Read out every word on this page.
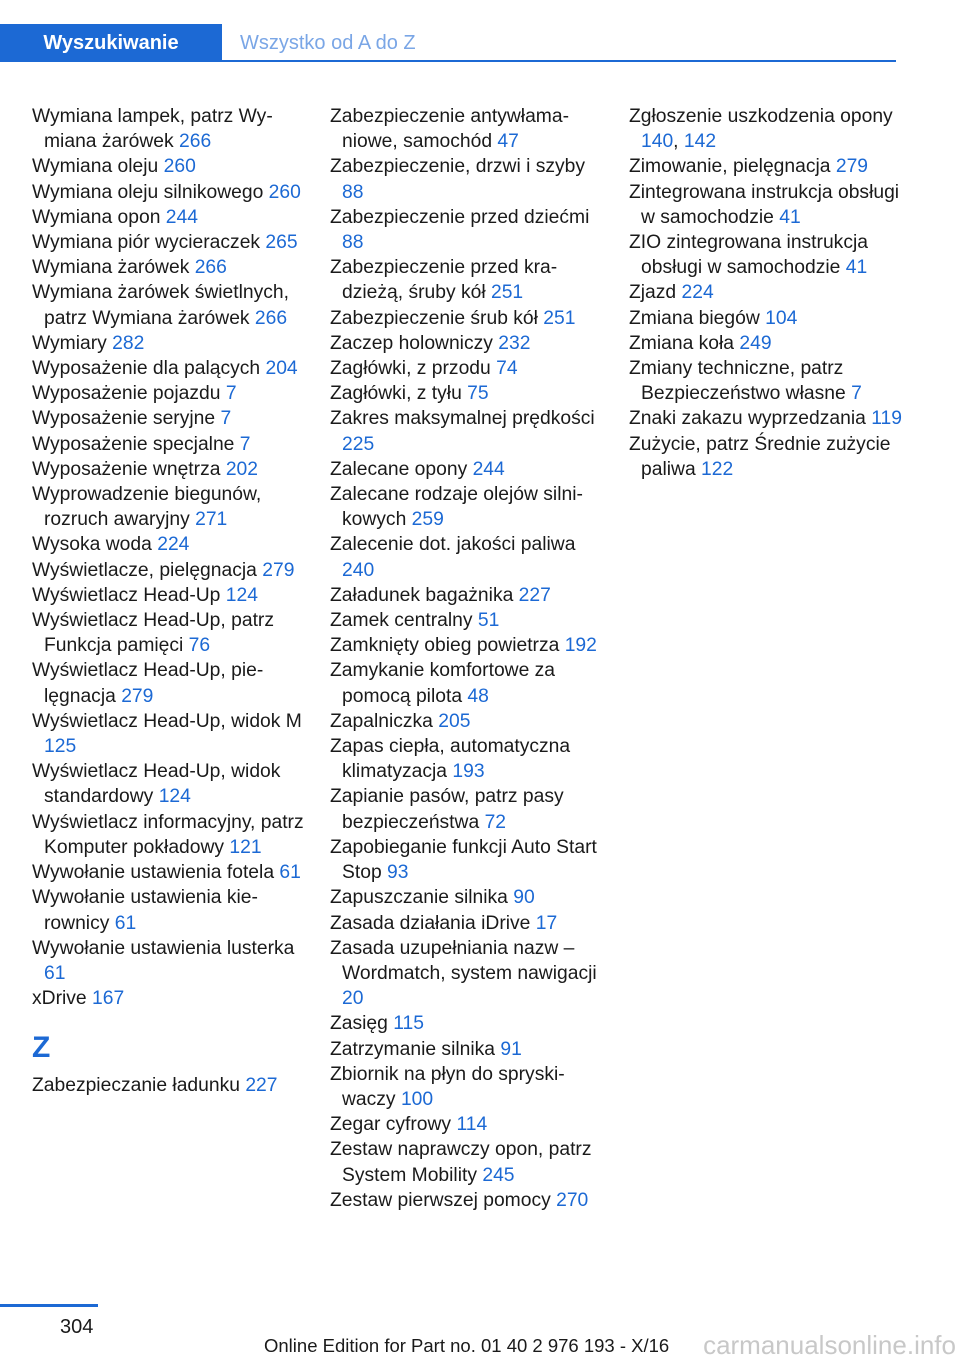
Wyszukiwanie	Wszystko od A do Z
Wymiana lampek, patrz Wymiana żarówek 266
Wymiana oleju 260
Wymiana oleju silnikowego 260
Wymiana opon 244
Wymiana piór wycieraczek 265
Wymiana żarówek 266
Wymiana żarówek świetlnych, patrz Wymiana żarówek 266
Wymiary 282
Wyposażenie dla palących 204
Wyposażenie pojazdu 7
Wyposażenie seryjne 7
Wyposażenie specjalne 7
Wyposażenie wnętrza 202
Wyprowadzenie biegunów, rozruch awaryjny 271
Wysoka woda 224
Wyświetlacze, pielęgnacja 279
Wyświetlacz Head-Up 124
Wyświetlacz Head-Up, patrz Funkcja pamięci 76
Wyświetlacz Head-Up, pielęgnacja 279
Wyświetlacz Head-Up, widok M 125
Wyświetlacz Head-Up, widok standardowy 124
Wyświetlacz informacyjny, patrz Komputer pokładowy 121
Wywołanie ustawienia fotela 61
Wywołanie ustawienia kierownicy 61
Wywołanie ustawienia lusterka 61
xDrive 167
Z
Zabezpieczanie ładunku 227
Zabezpieczenie antywłamaniowe, samochód 47
Zabezpieczenie, drzwi i szyby 88
Zabezpieczenie przed dziećmi 88
Zabezpieczenie przed kradzieżą, śruby kół 251
Zabezpieczenie śrub kół 251
Zaczep holowniczy 232
Zagłówki, z przodu 74
Zagłówki, z tyłu 75
Zakres maksymalnej prędkości 225
Zalecane opony 244
Zalecane rodzaje olejów silnikowych 259
Zalecenie dot. jakości paliwa 240
Załadunek bagażnika 227
Zamek centralny 51
Zamknięty obieg powietrza 192
Zamykanie komfortowe za pomocą pilota 48
Zapalniczka 205
Zapas ciepła, automatyczna klimatyzacja 193
Zapianie pasów, patrz pasy bezpieczeństwa 72
Zapobieganie funkcji Auto Start Stop 93
Zapuszczanie silnika 90
Zasada działania iDrive 17
Zasada uzupełniania nazw – Wordmatch, system nawigacji 20
Zasięg 115
Zatrzymanie silnika 91
Zbiornik na płyn do spryskiwaczy 100
Zegar cyfrowy 114
Zestaw naprawczy opon, patrz System Mobility 245
Zestaw pierwszej pomocy 270
Zgłoszenie uszkodzenia opony 140, 142
Zimowanie, pielęgnacja 279
Zintegrowana instrukcja obsługi w samochodzie 41
ZIO zintegrowana instrukcja obsługi w samochodzie 41
Zjazd 224
Zmiana biegów 104
Zmiana koła 249
Zmiany techniczne, patrz Bezpieczeństwo własne 7
Znaki zakazu wyprzedzania 119
Zużycie, patrz Średnie zużycie paliwa 122
304
Online Edition for Part no. 01 40 2 976 193 - X/16 carmanualsonline.info
